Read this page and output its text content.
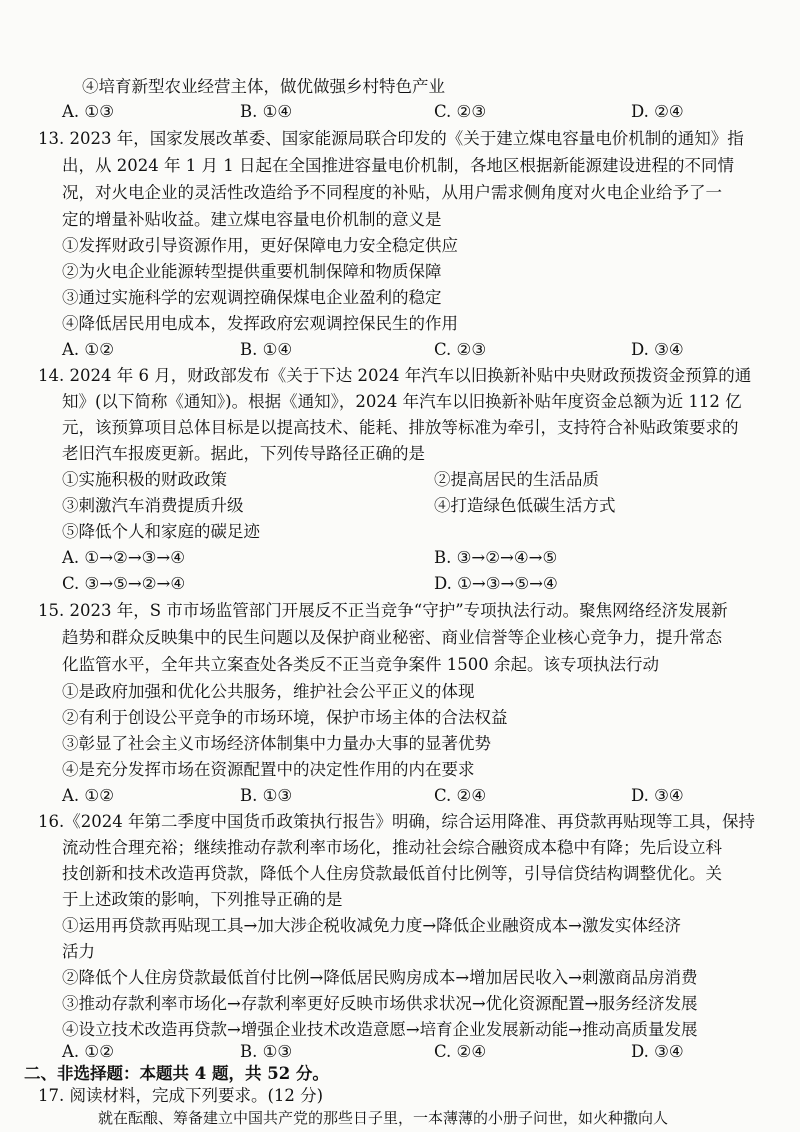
④培育新型农业经营主体，做优做强乡村特色产业
A. ①③	B. ①④	C. ②③	D. ②④
13. 2023 年，国家发展改革委、国家能源局联合印发的《关于建立煤电容量电价机制的通知》指
出，从 2024 年 1 月 1 日起在全国推进容量电价机制，各地区根据新能源建设进程的不同情
况，对火电企业的灵活性改造给予不同程度的补贴，从用户需求侧角度对火电企业给予了一
定的增量补贴收益。建立煤电容量电价机制的意义是
①发挥财政引导资源作用，更好保障电力安全稳定供应
②为火电企业能源转型提供重要机制保障和物质保障
③通过实施科学的宏观调控确保煤电企业盈利的稳定
④降低居民用电成本，发挥政府宏观调控保民生的作用
A. ①②	B. ①④	C. ②③	D. ③④
14. 2024 年 6 月，财政部发布《关于下达 2024 年汽车以旧换新补贴中央财政预拨资金预算的通
知》(以下简称《通知》)。根据《通知》，2024 年汽车以旧换新补贴年度资金总额为近 112 亿
元，该预算项目总体目标是以提高技术、能耗、排放等标准为牵引，支持符合补贴政策要求的
老旧汽车报废更新。据此，下列传导路径正确的是
①实施积极的财政政策	②提高居民的生活品质
③刺激汽车消费提质升级	④打造绿色低碳生活方式
⑤降低个人和家庭的碳足迹
A. ①→②→③→④	B. ③→②→④→⑤
C. ③→⑤→②→④	D. ①→③→⑤→④
15. 2023 年，S 市市场监管部门开展反不正当竞争“守护”专项执法行动。聚焦网络经济发展新
趋势和群众反映集中的民生问题以及保护商业秘密、商业信誉等企业核心竞争力，提升常态
化监管水平，全年共立案查处各类反不正当竞争案件 1500 余起。该专项执法行动
①是政府加强和优化公共服务，维护社会公平正义的体现
②有利于创设公平竞争的市场环境，保护市场主体的合法权益
③彰显了社会主义市场经济体制集中力量办大事的显著优势
④是充分发挥市场在资源配置中的决定性作用的内在要求
A. ①②	B. ①③	C. ②④	D. ③④
16.《2024 年第二季度中国货币政策执行报告》明确，综合运用降准、再贷款再贴现等工具，保持
流动性合理充裕；继续推动存款利率市场化，推动社会综合融资成本稳中有降；先后设立科
技创新和技术改造再贷款，降低个人住房贷款最低首付比例等，引导信贷结构调整优化。关
于上述政策的影响，下列推导正确的是
①运用再贷款再贴现工具→加大涉企税收减免力度→降低企业融资成本→激发实体经济
活力
②降低个人住房贷款最低首付比例→降低居民购房成本→增加居民收入→刺激商品房消费
③推动存款利率市场化→存款利率更好反映市场供求状况→优化资源配置→服务经济发展
④设立技术改造再贷款→增强企业技术改造意愿→培育企业发展新动能→推动高质量发展
A. ①②	B. ①③	C. ②④	D. ③④
二、非选择题：本题共 4 题，共 52 分。
17. 阅读材料，完成下列要求。(12 分)
就在酝酿、筹备建立中国共产党的那些日子里，一本薄薄的小册子问世，如火种撒向人
